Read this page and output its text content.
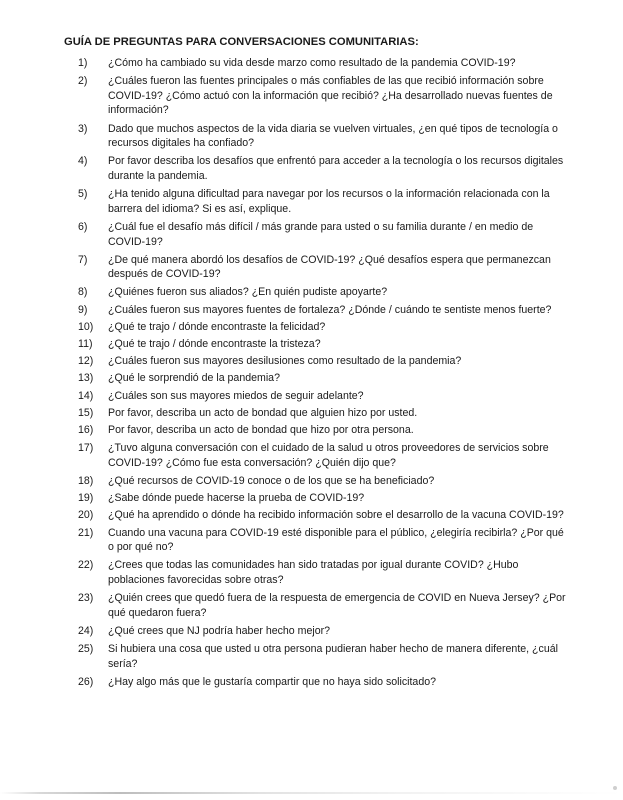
GUÍA DE PREGUNTAS PARA CONVERSACIONES COMUNITARIAS:
1) ¿Cómo ha cambiado su vida desde marzo como resultado de la pandemia COVID-19?
2) ¿Cuáles fueron las fuentes principales o más confiables de las que recibió información sobre COVID-19? ¿Cómo actuó con la información que recibió? ¿Ha desarrollado nuevas fuentes de información?
3) Dado que muchos aspectos de la vida diaria se vuelven virtuales, ¿en qué tipos de tecnología o recursos digitales ha confiado?
4) Por favor describa los desafíos que enfrentó para acceder a la tecnología o los recursos digitales durante la pandemia.
5) ¿Ha tenido alguna dificultad para navegar por los recursos o la información relacionada con la barrera del idioma? Si es así, explique.
6) ¿Cuál fue el desafío más difícil / más grande para usted o su familia durante / en medio de COVID-19?
7) ¿De qué manera abordó los desafíos de COVID-19? ¿Qué desafíos espera que permanezcan después de COVID-19?
8) ¿Quiénes fueron sus aliados? ¿En quién pudiste apoyarte?
9) ¿Cuáles fueron sus mayores fuentes de fortaleza? ¿Dónde / cuándo te sentiste menos fuerte?
10) ¿Qué te trajo / dónde encontraste la felicidad?
11) ¿Qué te trajo / dónde encontraste la tristeza?
12) ¿Cuáles fueron sus mayores desilusiones como resultado de la pandemia?
13) ¿Qué le sorprendió de la pandemia?
14) ¿Cuáles son sus mayores miedos de seguir adelante?
15) Por favor, describa un acto de bondad que alguien hizo por usted.
16) Por favor, describa un acto de bondad que hizo por otra persona.
17) ¿Tuvo alguna conversación con el cuidado de la salud u otros proveedores de servicios sobre COVID-19? ¿Cómo fue esta conversación? ¿Quién dijo que?
18) ¿Qué recursos de COVID-19 conoce o de los que se ha beneficiado?
19) ¿Sabe dónde puede hacerse la prueba de COVID-19?
20) ¿Qué ha aprendido o dónde ha recibido información sobre el desarrollo de la vacuna COVID-19?
21) Cuando una vacuna para COVID-19 esté disponible para el público, ¿elegiría recibirla? ¿Por qué o por qué no?
22) ¿Crees que todas las comunidades han sido tratadas por igual durante COVID? ¿Hubo poblaciones favorecidas sobre otras?
23) ¿Quién crees que quedó fuera de la respuesta de emergencia de COVID en Nueva Jersey? ¿Por qué quedaron fuera?
24) ¿Qué crees que NJ podría haber hecho mejor?
25) Si hubiera una cosa que usted u otra persona pudieran haber hecho de manera diferente, ¿cuál sería?
26) ¿Hay algo más que le gustaría compartir que no haya sido solicitado?
